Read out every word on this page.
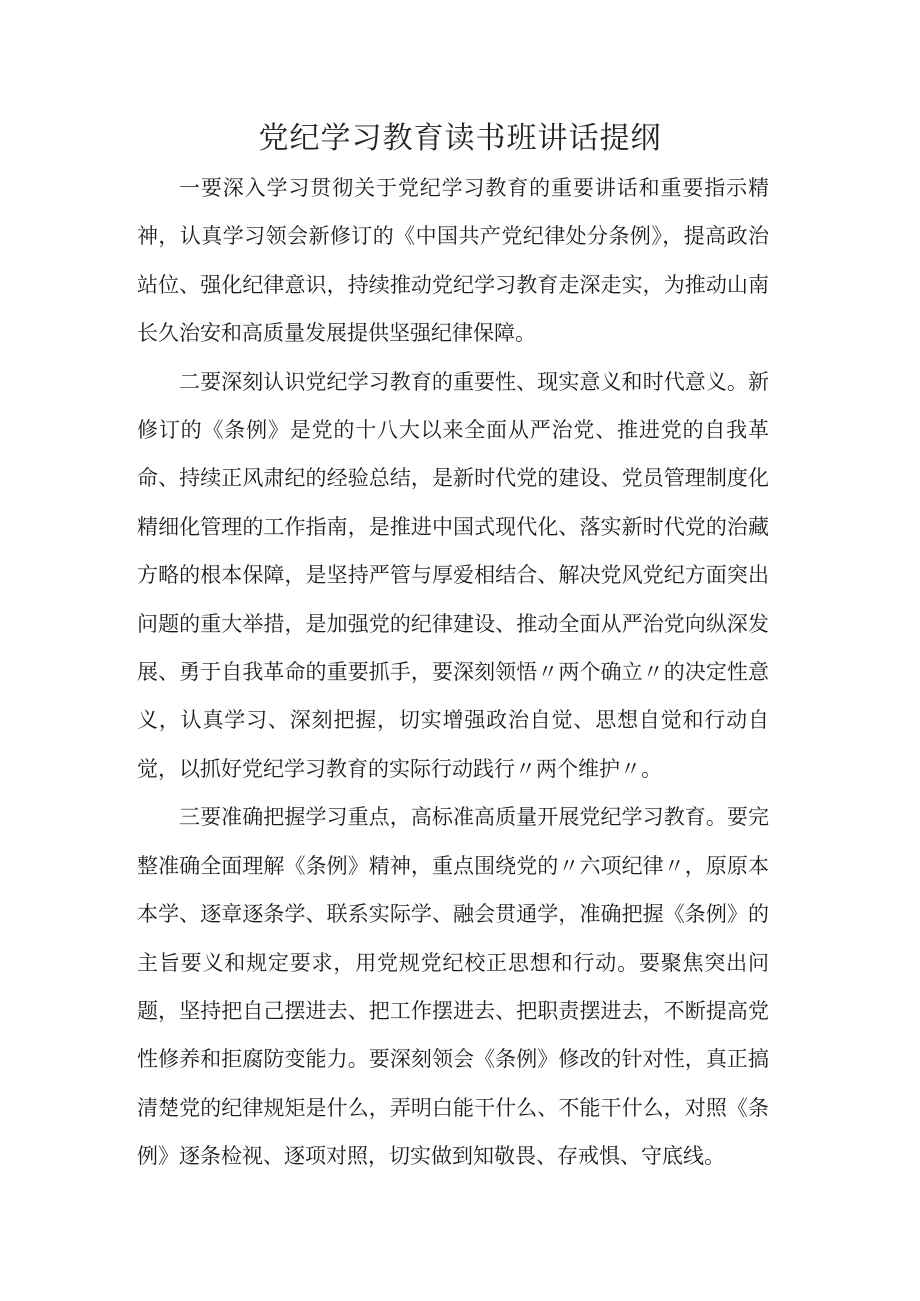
党纪学习教育读书班讲话提纲

一要深入学习贯彻关于党纪学习教育的重要讲话和重要指示精神，认真学习领会新修订的《中国共产党纪律处分条例》，提高政治站位、强化纪律意识，持续推动党纪学习教育走深走实，为推动山南长久治安和高质量发展提供坚强纪律保障。

二要深刻认识党纪学习教育的重要性、现实意义和时代意义。新修订的《条例》是党的十八大以来全面从严治党、推进党的自我革命、持续正风肃纪的经验总结，是新时代党的建设、党员管理制度化精细化管理的工作指南，是推进中国式现代化、落实新时代党的治藏方略的根本保障，是坚持严管与厚爱相结合、解决党风党纪方面突出问题的重大举措，是加强党的纪律建设、推动全面从严治党向纵深发展、勇于自我革命的重要抓手，要深刻领悟〃两个确立〃的决定性意义，认真学习、深刻把握，切实增强政治自觉、思想自觉和行动自觉，以抓好党纪学习教育的实际行动践行〃两个维护〃。

三要准确把握学习重点，高标准高质量开展党纪学习教育。要完整准确全面理解《条例》精神，重点围绕党的〃六项纪律〃，原原本本学、逐章逐条学、联系实际学、融会贯通学，准确把握《条例》的主旨要义和规定要求，用党规党纪校正思想和行动。要聚焦突出问题，坚持把自己摆进去、把工作摆进去、把职责摆进去，不断提高党性修养和拒腐防变能力。要深刻领会《条例》修改的针对性，真正搞清楚党的纪律规矩是什么，弄明白能干什么、不能干什么，对照《条例》逐条检视、逐项对照，切实做到知敬畏、存戒惧、守底线。
